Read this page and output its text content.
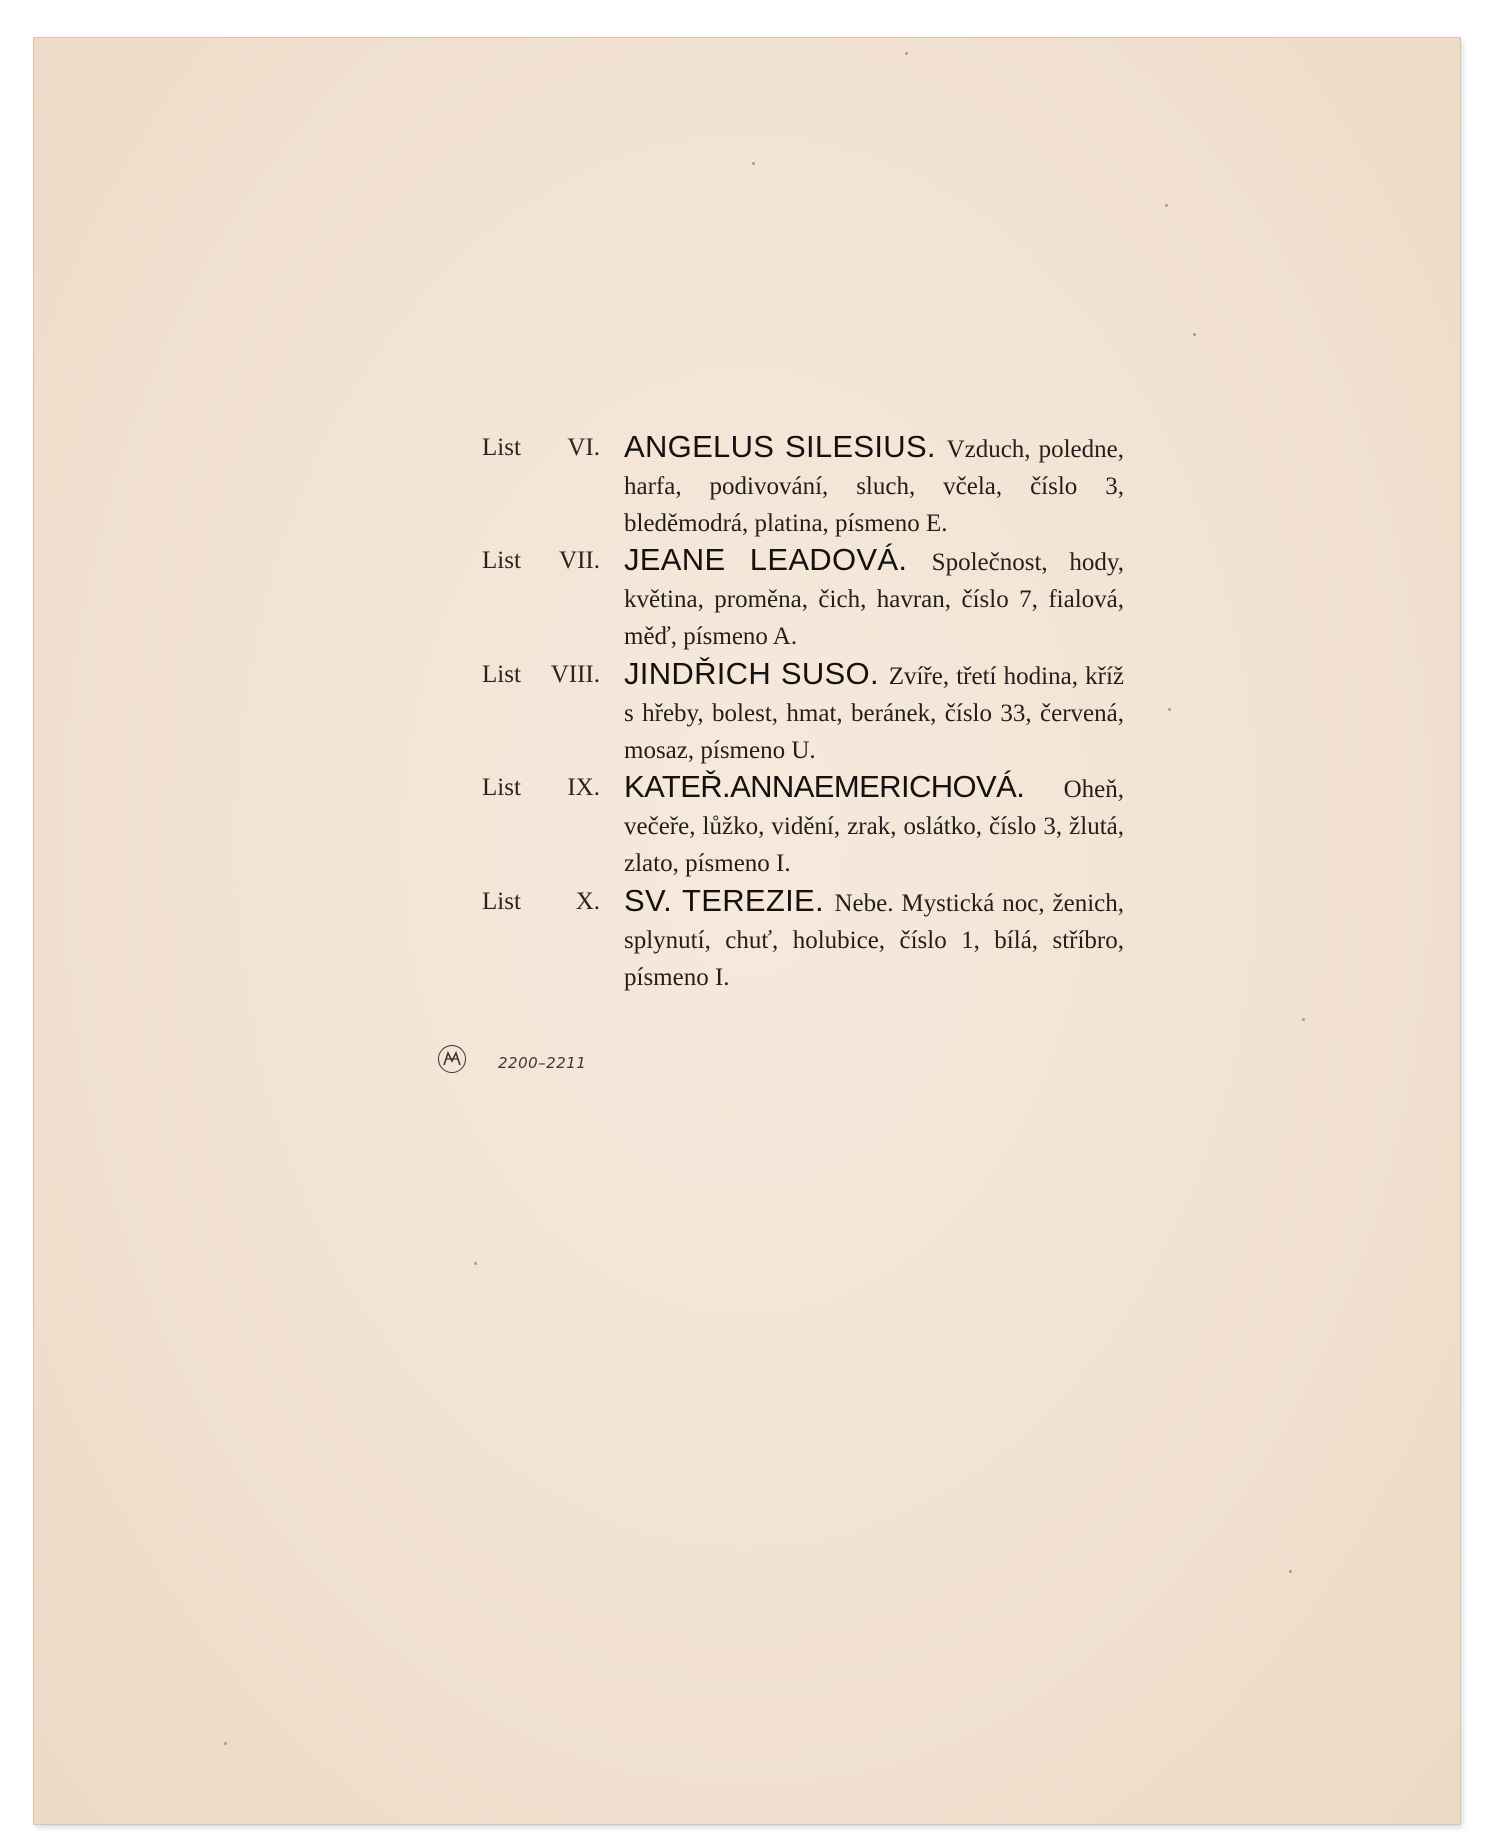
List VI. ANGELUS SILESIUS. Vzduch, poledne, harfa, podivování, sluch, včela, číslo 3, bleděmodrá, platina, písmeno E.
List VII. JEANE LEADOVÁ. Společnost, hody, květina, proměna, čich, havran, číslo 7, fialová, měď, písmeno A.
List VIII. JINDŘICH SUSO. Zvíře, třetí hodina, kříž s hřeby, bolest, hmat, beránek, číslo 33, červená, mosaz, písmeno U.
List IX. KATEŘ.ANNAEMERICHOVÁ. Oheň, večeře, lůžko, vidění, zrak, oslátko, číslo 3, žlutá, zlato, písmeno I.
List X. SV. TEREZIE. Nebe. Mystická noc, ženich, splynutí, chuť, holubice, číslo 1, bílá, stříbro, písmeno I.
2200–2211
